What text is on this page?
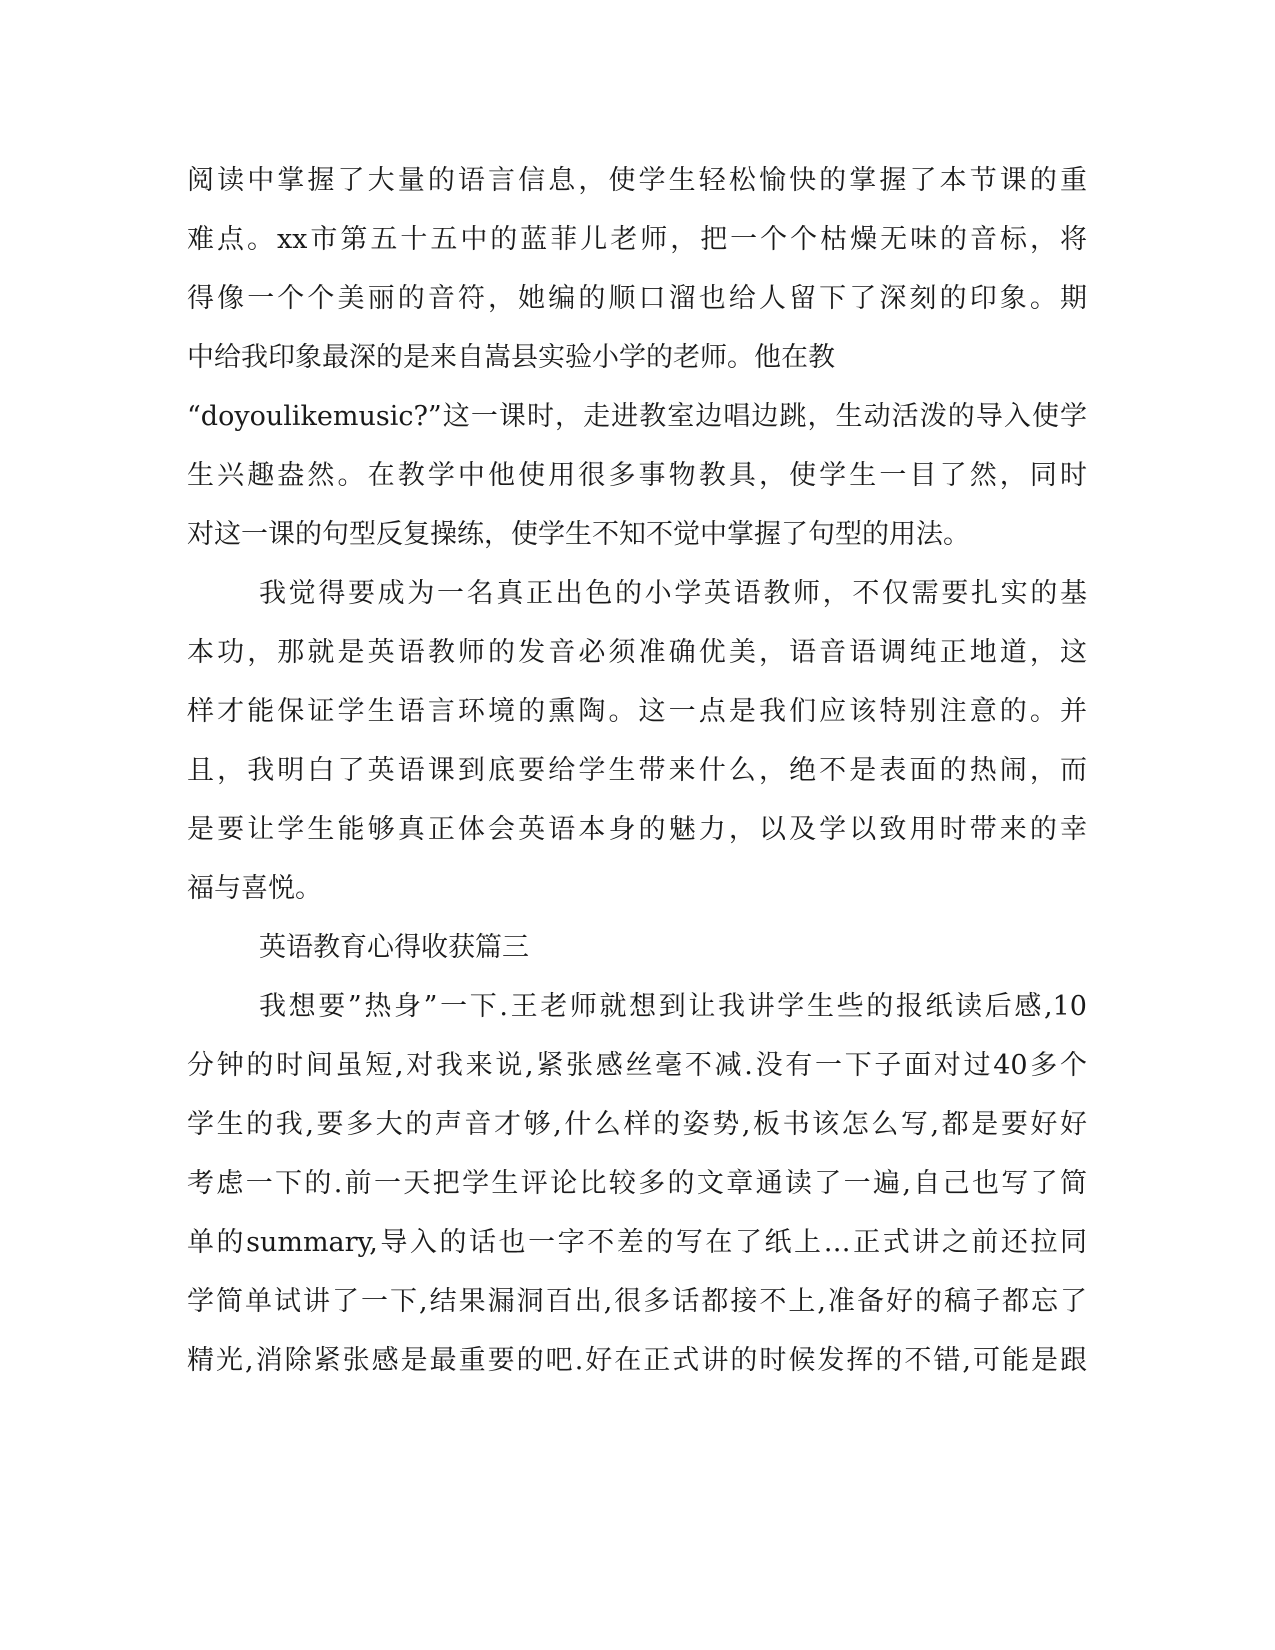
阅读中掌握了大量的语言信息，使学生轻松愉快的掌握了本节课的重
难点。xx市第五十五中的蓝菲儿老师，把一个个枯燥无味的音标，将
得像一个个美丽的音符，她编的顺口溜也给人留下了深刻的印象。期
中给我印象最深的是来自嵩县实验小学的老师。他在教
“doyoulikemusic?”这一课时，走进教室边唱边跳，生动活泼的导入使学
生兴趣盎然。在教学中他使用很多事物教具，使学生一目了然，同时
对这一课的句型反复操练，使学生不知不觉中掌握了句型的用法。
我觉得要成为一名真正出色的小学英语教师，不仅需要扎实的基
本功，那就是英语教师的发音必须准确优美，语音语调纯正地道，这
样才能保证学生语言环境的熏陶。这一点是我们应该特别注意的。并
且，我明白了英语课到底要给学生带来什么，绝不是表面的热闹，而
是要让学生能够真正体会英语本身的魅力，以及学以致用时带来的幸
福与喜悦。
英语教育心得收获篇三
我想要”热身”一下.王老师就想到让我讲学生些的报纸读后感,10
分钟的时间虽短,对我来说,紧张感丝毫不减.没有一下子面对过40多个
学生的我,要多大的声音才够,什么样的姿势,板书该怎么写,都是要好好
考虑一下的.前一天把学生评论比较多的文章通读了一遍,自己也写了简
单的summary,导入的话也一字不差的写在了纸上…正式讲之前还拉同
学简单试讲了一下,结果漏洞百出,很多话都接不上,准备好的稿子都忘了
精光,消除紧张感是最重要的吧.好在正式讲的时候发挥的不错,可能是跟
